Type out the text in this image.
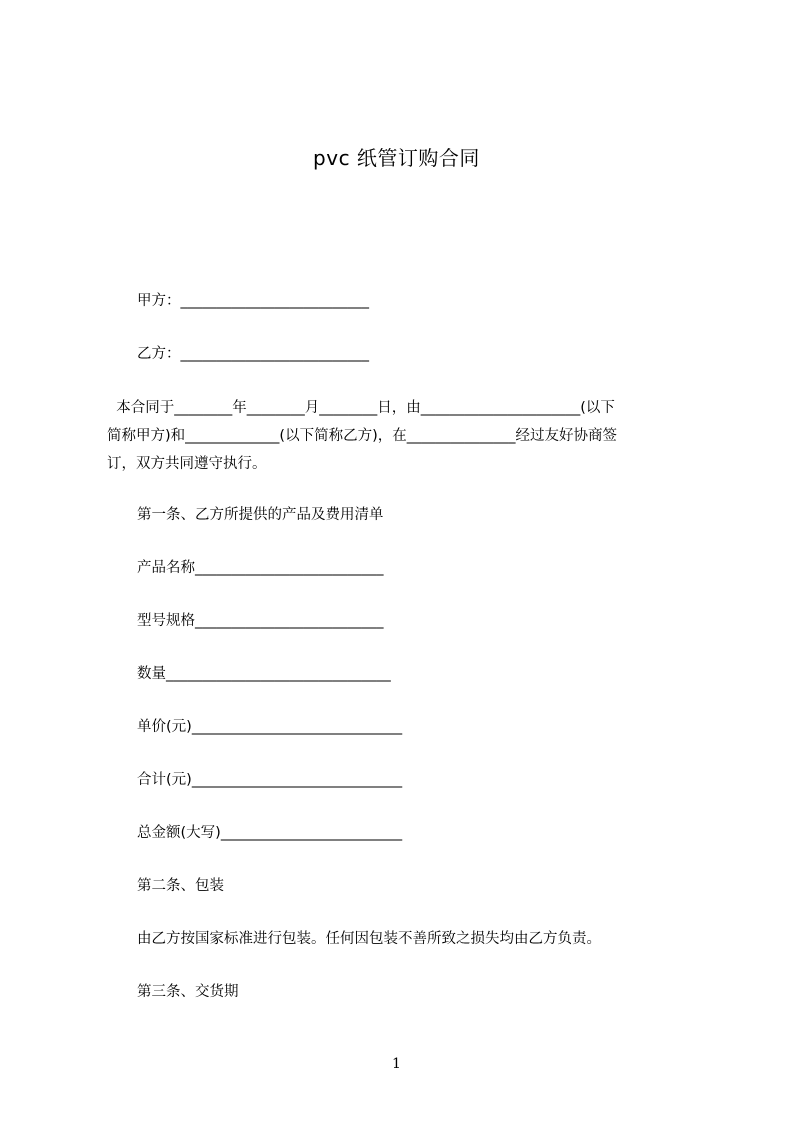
pvc 纸管订购合同
甲方：__________________________
乙方：__________________________
本合同于________年________月________日，由______________________(以下
简称甲方)和_____________(以下简称乙方)，在_______________经过友好协商签
订，双方共同遵守执行。
第一条、乙方所提供的产品及费用清单
产品名称__________________________
型号规格__________________________
数量_______________________________
单价(元)_____________________________
合计(元)_____________________________
总金额(大写)_________________________
第二条、包装
由乙方按国家标准进行包装。任何因包装不善所致之损失均由乙方负责。
第三条、交货期
1
